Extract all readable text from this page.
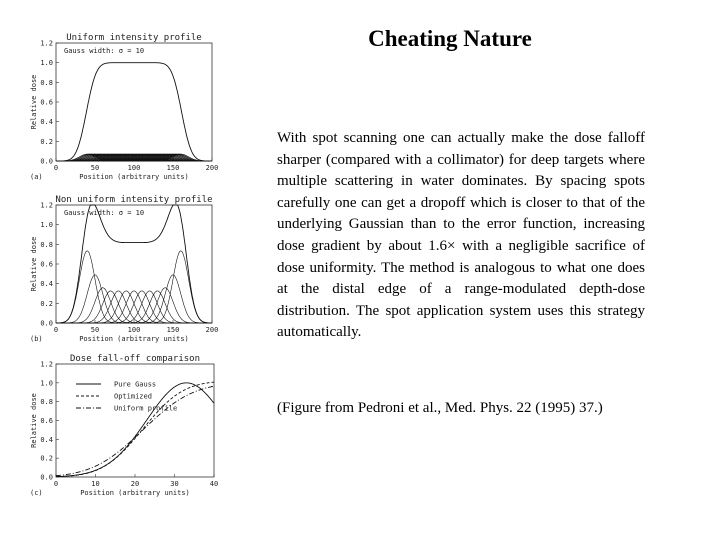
Cheating Nature
With spot scanning one can actually make the dose falloff sharper (compared with a collimator) for deep targets where multiple scattering in water dominates. By spacing spots carefully one can get a dropoff which is closer to that of the underlying Gaussian than to the error function, increasing dose gradient by about 1.6× with a negligible sacrifice of dose uniformity. The method is analogous to what one does at the distal edge of a range-modulated depth-dose distribution. The spot application system uses this strategy automatically.
(Figure from Pedroni et al., Med. Phys. 22 (1995) 37.)
Uniform intensity profile
Position (arbitrary units)
Relative dose
(a)
0	50	100	150	200
0.0
0.2
0.4
0.6
0.8
1.0
1.2
Gauss width: σ = 10
Non uniform intensity profile
Position (arbitrary units)
Relative dose
(b)
0	50	100	150	200
0.0
0.2
0.4
0.6
0.8
1.0
1.2
Gauss width: σ = 10
Dose fall-off comparison
Position (arbitrary units)
Relative dose
(c)
0	10	20	30	40
0.0
0.2
0.4
0.6
0.8
1.0
1.2
Pure Gauss
Optimized
Uniform profile
